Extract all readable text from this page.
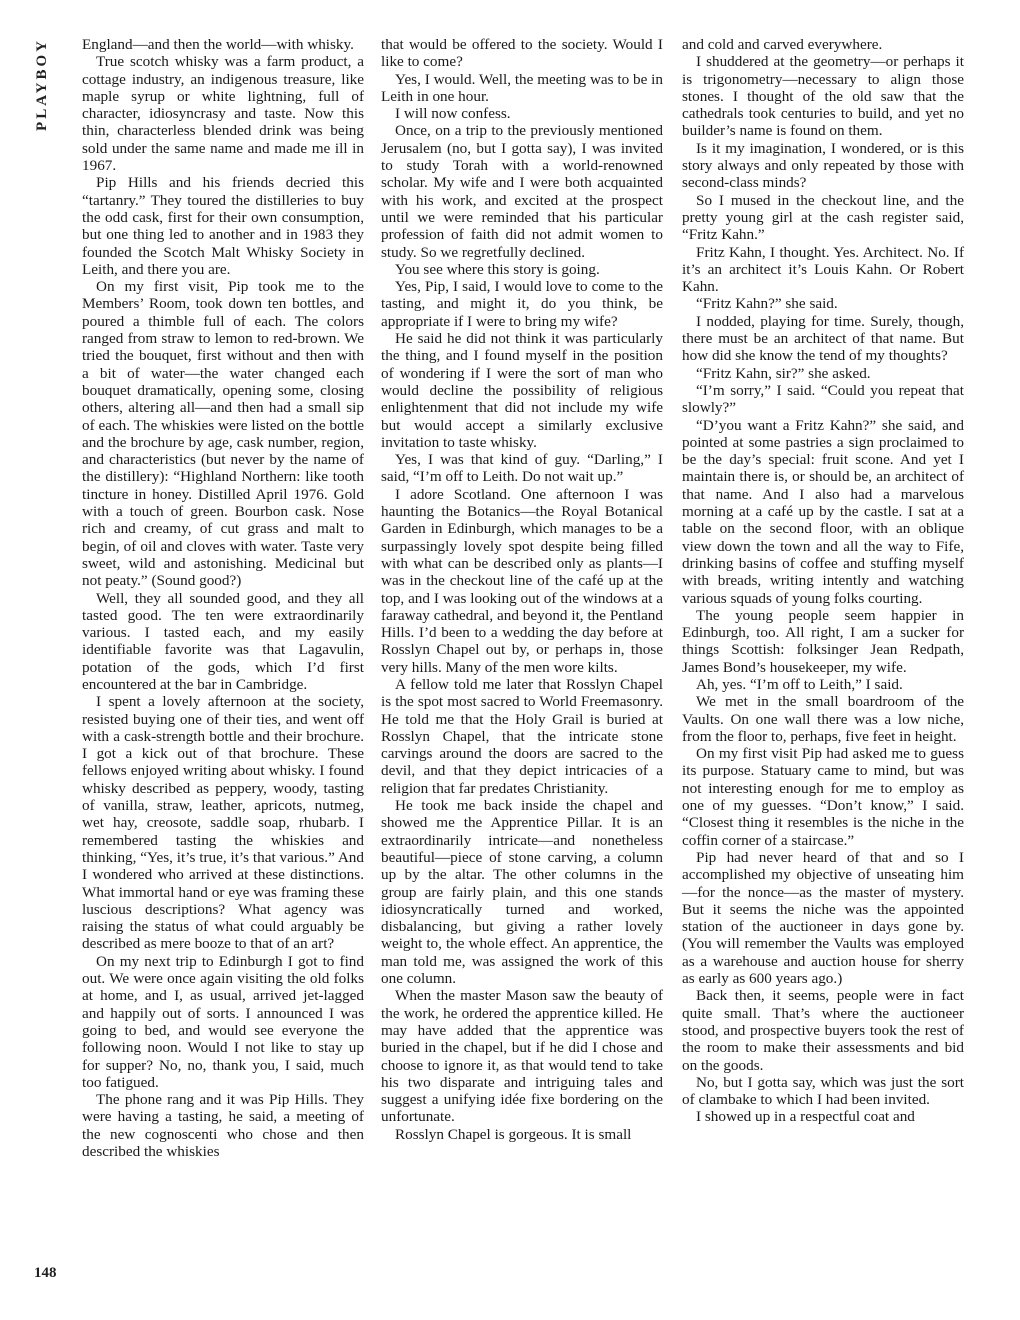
PLAYBOY
148

England—and then the world—with whisky.

True scotch whisky was a farm product, a cottage industry, an indigenous treasure, like maple syrup or white lightning, full of character, idiosyncrasy and taste. Now this thin, characterless blended drink was being sold under the same name and made me ill in 1967.

Pip Hills and his friends decried this “tartanry.” They toured the distilleries to buy the odd cask, first for their own consumption, but one thing led to another and in 1983 they founded the Scotch Malt Whisky Society in Leith, and there you are.

On my first visit, Pip took me to the Members’ Room, took down ten bottles, and poured a thimble full of each. The colors ranged from straw to lemon to red-brown. We tried the bouquet, first without and then with a bit of water—the water changed each bouquet dramatically, opening some, closing others, altering all—and then had a small sip of each. The whiskies were listed on the bottle and the brochure by age, cask number, region, and characteristics (but never by the name of the distillery): “Highland Northern: like tooth tincture in honey. Distilled April 1976. Gold with a touch of green. Bourbon cask. Nose rich and creamy, of cut grass and malt to begin, of oil and cloves with water. Taste very sweet, wild and astonishing. Medicinal but not peaty.” (Sound good?)

Well, they all sounded good, and they all tasted good. The ten were extraordinarily various. I tasted each, and my easily identifiable favorite was that Lagavulin, potation of the gods, which I’d first encountered at the bar in Cambridge.

I spent a lovely afternoon at the society, resisted buying one of their ties, and went off with a cask-strength bottle and their brochure. I got a kick out of that brochure. These fellows enjoyed writing about whisky. I found whisky described as peppery, woody, tasting of vanilla, straw, leather, apricots, nutmeg, wet hay, creosote, saddle soap, rhubarb. I remembered tasting the whiskies and thinking, “Yes, it’s true, it’s that various.” And I wondered who arrived at these distinctions. What immortal hand or eye was framing these luscious descriptions? What agency was raising the status of what could arguably be described as mere booze to that of an art?

On my next trip to Edinburgh I got to find out. We were once again visiting the old folks at home, and I, as usual, arrived jet-lagged and happily out of sorts. I announced I was going to bed, and would see everyone the following noon. Would I not like to stay up for supper? No, no, thank you, I said, much too fatigued.

The phone rang and it was Pip Hills. They were having a tasting, he said, a meeting of the new cognoscenti who chose and then described the whiskies

that would be offered to the society. Would I like to come?

Yes, I would. Well, the meeting was to be in Leith in one hour.

I will now confess.

Once, on a trip to the previously mentioned Jerusalem (no, but I gotta say), I was invited to study Torah with a world-renowned scholar. My wife and I were both acquainted with his work, and excited at the prospect until we were reminded that his particular profession of faith did not admit women to study. So we regretfully declined.

You see where this story is going.

Yes, Pip, I said, I would love to come to the tasting, and might it, do you think, be appropriate if I were to bring my wife?

He said he did not think it was particularly the thing, and I found myself in the position of wondering if I were the sort of man who would decline the possibility of religious enlightenment that did not include my wife but would accept a similarly exclusive invitation to taste whisky.

Yes, I was that kind of guy. “Darling,” I said, “I’m off to Leith. Do not wait up.”

I adore Scotland. One afternoon I was haunting the Botanics—the Royal Botanical Garden in Edinburgh, which manages to be a surpassingly lovely spot despite being filled with what can be described only as plants—I was in the checkout line of the café up at the top, and I was looking out of the windows at a faraway cathedral, and beyond it, the Pentland Hills. I’d been to a wedding the day before at Rosslyn Chapel out by, or perhaps in, those very hills. Many of the men wore kilts.

A fellow told me later that Rosslyn Chapel is the spot most sacred to World Freemasonry. He told me that the Holy Grail is buried at Rosslyn Chapel, that the intricate stone carvings around the doors are sacred to the devil, and that they depict intricacies of a religion that far predates Christianity.

He took me back inside the chapel and showed me the Apprentice Pillar. It is an extraordinarily intricate—and nonetheless beautiful—piece of stone carving, a column up by the altar. The other columns in the group are fairly plain, and this one stands idiosyncratically turned and worked, disbalancing, but giving a rather lovely weight to, the whole effect. An apprentice, the man told me, was assigned the work of this one column.

When the master Mason saw the beauty of the work, he ordered the apprentice killed. He may have added that the apprentice was buried in the chapel, but if he did I chose and choose to ignore it, as that would tend to take his two disparate and intriguing tales and suggest a unifying idée fixe bordering on the unfortunate.

Rosslyn Chapel is gorgeous. It is small

and cold and carved everywhere.

I shuddered at the geometry—or perhaps it is trigonometry—necessary to align those stones. I thought of the old saw that the cathedrals took centuries to build, and yet no builder’s name is found on them.

Is it my imagination, I wondered, or is this story always and only repeated by those with second-class minds?

So I mused in the checkout line, and the pretty young girl at the cash register said, “Fritz Kahn.”

Fritz Kahn, I thought. Yes. Architect. No. If it’s an architect it’s Louis Kahn. Or Robert Kahn.

“Fritz Kahn?” she said.

I nodded, playing for time. Surely, though, there must be an architect of that name. But how did she know the tend of my thoughts?

“Fritz Kahn, sir?” she asked.

“I’m sorry,” I said. “Could you repeat that slowly?”

“D’you want a Fritz Kahn?” she said, and pointed at some pastries a sign proclaimed to be the day’s special: fruit scone. And yet I maintain there is, or should be, an architect of that name. And I also had a marvelous morning at a café up by the castle. I sat at a table on the second floor, with an oblique view down the town and all the way to Fife, drinking basins of coffee and stuffing myself with breads, writing intently and watching various squads of young folks courting.

The young people seem happier in Edinburgh, too. All right, I am a sucker for things Scottish: folksinger Jean Redpath, James Bond’s housekeeper, my wife.

Ah, yes. “I’m off to Leith,” I said.

We met in the small boardroom of the Vaults. On one wall there was a low niche, from the floor to, perhaps, five feet in height.

On my first visit Pip had asked me to guess its purpose. Statuary came to mind, but was not interesting enough for me to employ as one of my guesses. “Don’t know,” I said. “Closest thing it resembles is the niche in the coffin corner of a staircase.”

Pip had never heard of that and so I accomplished my objective of unseating him—for the nonce—as the master of mystery. But it seems the niche was the appointed station of the auctioneer in days gone by. (You will remember the Vaults was employed as a warehouse and auction house for sherry as early as 600 years ago.)

Back then, it seems, people were in fact quite small. That’s where the auctioneer stood, and prospective buyers took the rest of the room to make their assessments and bid on the goods.

No, but I gotta say, which was just the sort of clambake to which I had been invited.

I showed up in a respectful coat and
